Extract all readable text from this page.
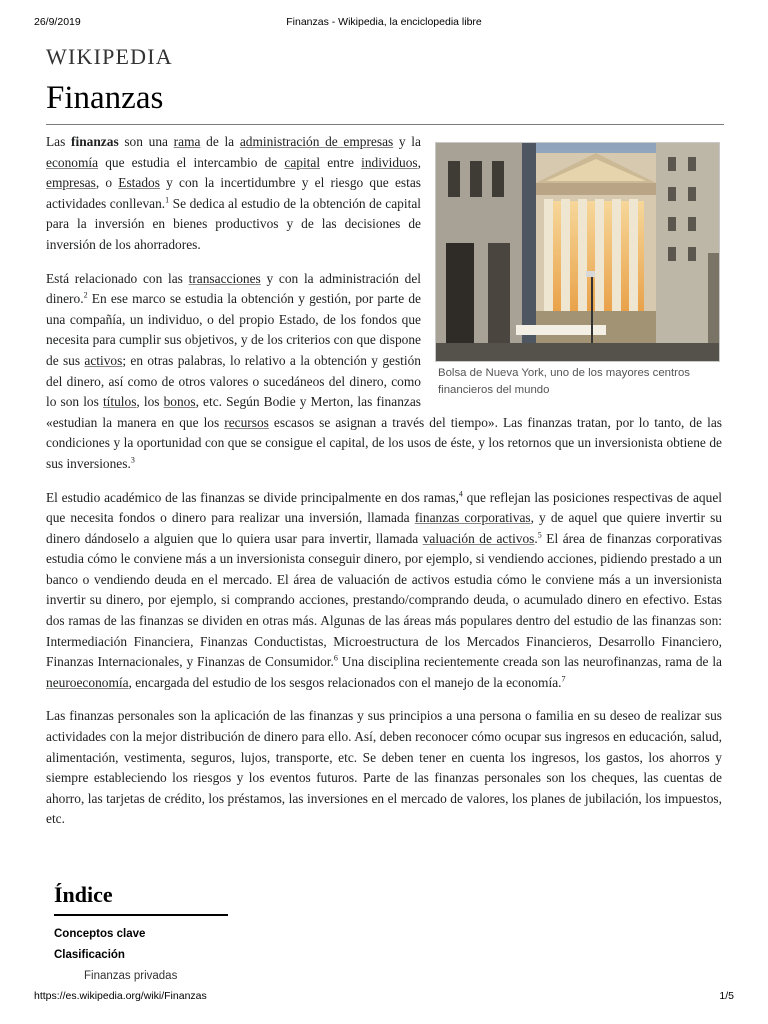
26/9/2019	Finanzas - Wikipedia, la enciclopedia libre
WIKIPEDIA
Finanzas
Bolsa de Nueva York, uno de los mayores centros financieros del mundo

Las finanzas son una rama de la administración de empresas y la economía que estudia el intercambio de capital entre individuos, empresas, o Estados y con la incertidumbre y el riesgo que estas actividades conllevan.$^1$ Se dedica al estudio de la obtención de capital para la inversión en bienes productivos y de las decisiones de inversión de los ahorradores.

Está relacionado con las transacciones y con la administración del dinero.$^2$ En ese marco se estudia la obtención y gestión, por parte de una compañía, un individuo, o del propio Estado, de los fondos que necesita para cumplir sus objetivos, y de los criterios con que dispone de sus activos; en otras palabras, lo relativo a la obtención y gestión del dinero, así como de otros valores o sucedáneos del dinero, como lo son los títulos, los bonos, etc. Según Bodie y Merton, las finanzas «estudian la manera en que los recursos escasos se asignan a través del tiempo». Las finanzas tratan, por lo tanto, de las condiciones y la oportunidad con que se consigue el capital, de los usos de éste, y los retornos que un inversionista obtiene de sus inversiones.$^3$

El estudio académico de las finanzas se divide principalmente en dos ramas,$^4$ que reflejan las posiciones respectivas de aquel que necesita fondos o dinero para realizar una inversión, llamada finanzas corporativas, y de aquel que quiere invertir su dinero dándoselo a alguien que lo quiera usar para invertir, llamada valuación de activos.$^5$ El área de finanzas corporativas estudia cómo le conviene más a un inversionista conseguir dinero, por ejemplo, si vendiendo acciones, pidiendo prestado a un banco o vendiendo deuda en el mercado. El área de valuación de activos estudia cómo le conviene más a un inversionista invertir su dinero, por ejemplo, si comprando acciones, prestando/comprando deuda, o acumulado dinero en efectivo. Estas dos ramas de las finanzas se dividen en otras más. Algunas de las áreas más populares dentro del estudio de las finanzas son: Intermediación Financiera, Finanzas Conductistas, Microestructura de los Mercados Financieros, Desarrollo Financiero, Finanzas Internacionales, y Finanzas de Consumidor.$^6$ Una disciplina recientemente creada son las neurofinanzas, rama de la neuroeconomía, encargada del estudio de los sesgos relacionados con el manejo de la economía.$^7$

Las finanzas personales son la aplicación de las finanzas y sus principios a una persona o familia en su deseo de realizar sus actividades con la mejor distribución de dinero para ello. Así, deben reconocer cómo ocupar sus ingresos en educación, salud, alimentación, vestimenta, seguros, lujos, transporte, etc. Se deben tener en cuenta los ingresos, los gastos, los ahorros y siempre estableciendo los riesgos y los eventos futuros. Parte de las finanzas personales son los cheques, las cuentas de ahorro, las tarjetas de crédito, los préstamos, las inversiones en el mercado de valores, los planes de jubilación, los impuestos, etc.

Índice
Conceptos clave
Clasificación
Finanzas privadas
https://es.wikipedia.org/wiki/Finanzas	1/5
